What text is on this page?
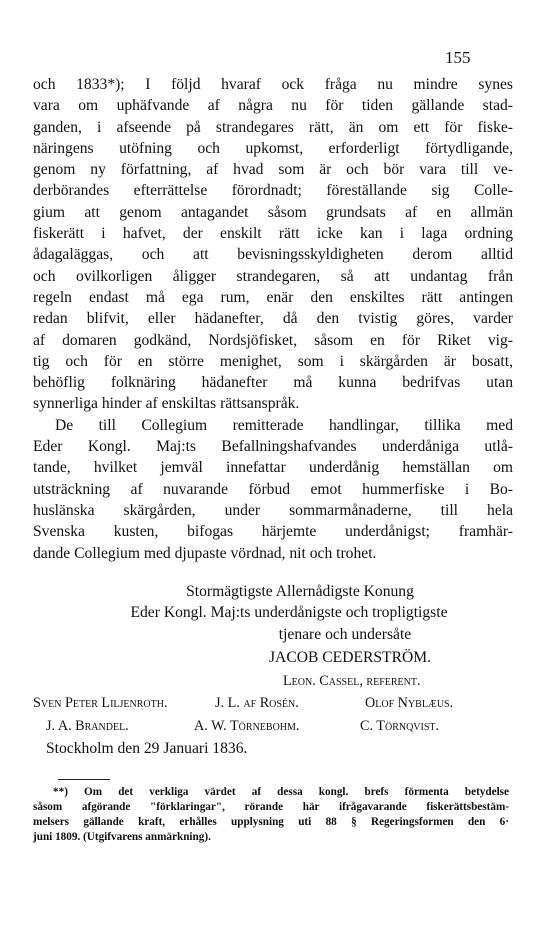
155
och 1833*); I följd hvaraf ock fråga nu mindre synes
vara om uphäfvande af några nu för tiden gällande stad-
ganden, i afseende på strandegares rätt, än om ett för fiske-
näringens utöfning och upkomst, erforderligt förtydligande,
genom ny författning, af hvad som är och bör vara till ve-
derbörandes efterrättelse förordnadt; föreställande sig Colle-
gium att genom antagandet såsom grundsats af en allmän
fiskerätt i hafvet, der enskilt rätt icke kan i laga ordning
ådagaläggas, och att bevisningsskyldigheten derom alltid
och ovilkorligen åligger strandegaren, så att undantag från
regeln endast må ega rum, enär den enskiltes rätt antingen
redan blifvit, eller hädanefter, då den tvistig göres, varder
af domaren godkänd, Nordsjöfisket, såsom en för Riket vig-
tig och för en större menighet, som i skärgården är bosatt,
behöflig folknäring hädanefter må kunna bedrifvas utan
synnerliga hinder af enskiltas rättsanspråk.
De till Collegium remitterade handlingar, tillika med
Eder Kongl. Maj:ts Befallningshafvandes underdåniga utlå-
tande, hvilket jemväl innefattar underdånig hemställan om
utsträckning af nuvarande förbud emot hummerfiske i Bo-
huslänska skärgården, under sommarmånaderne, till hela
Svenska kusten, bifogas härjemte underdånigst; framhär-
dande Collegium med djupaste vördnad, nit och trohet.
Stormägtigste Allernådigste Konung
Eder Kongl. Maj:ts underdånigste och tropligtigste
tjenare och undersåte
JACOB CEDERSTRÖM.
Leon. Cassel, referent.
Sven Peter Liljenroth.	J. L. af Rosén.	Olof Nyblæus.
J. A. Brandel.	A. W. Törnebohm.	C. Törnqvist.
Stockholm den 29 Januari 1836.
**) Om det verkliga värdet af dessa kongl. brefs förmenta betydelse
såsom afgörande "förklaringar", rörande här ifrågavarande fiskerättsbestäm-
melsers gällande kraft, erhålles upplysning uti 88 § Regeringsformen den 6·
juni 1809. (Utgifvarens anmärkning).
